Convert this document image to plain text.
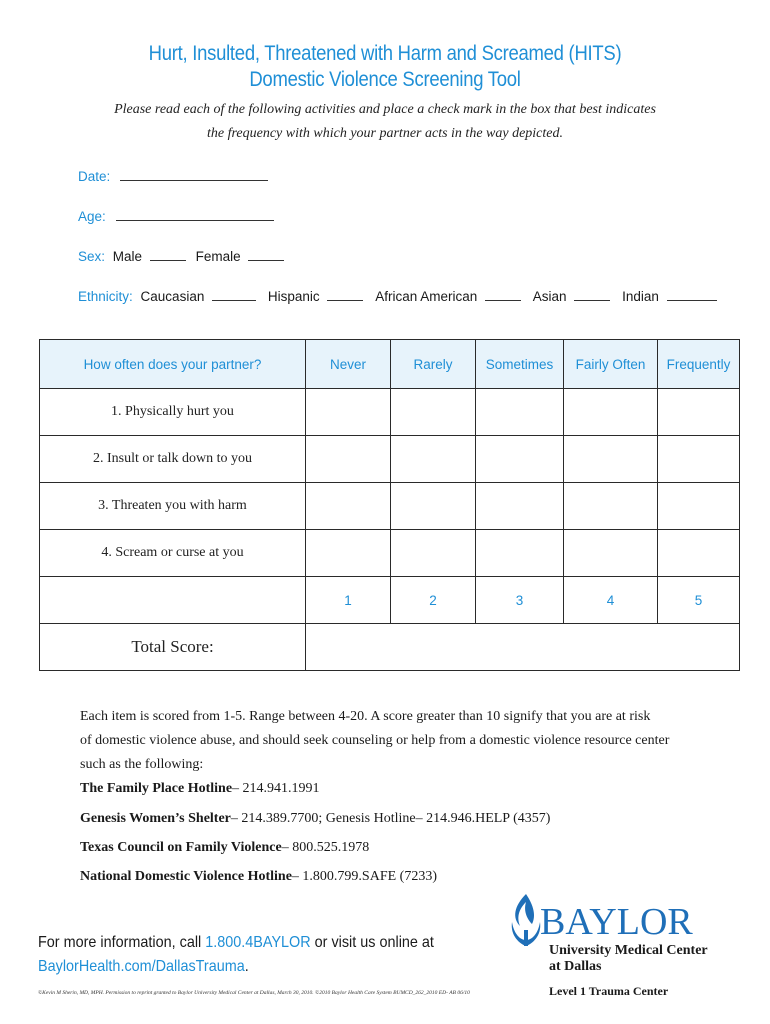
Hurt, Insulted, Threatened with Harm and Screamed (HITS)
Domestic Violence Screening Tool
Please read each of the following activities and place a check mark in the box that best indicates
the frequency with which your partner acts in the way depicted.
Date:
Age:
Sex: Male	Female
Ethnicity: Caucasian	Hispanic	African American	Asian	Indian
How often does your partner?	Never	Rarely	Sometimes	Fairly Often	Frequently
1. Physically hurt you					
2. Insult or talk down to you					
3. Threaten you with harm					
4. Scream or curse at you					
	1	2	3	4	5
Total Score:					
Each item is scored from 1-5. Range between 4-20. A score greater than 10 signify that you are at risk
of domestic violence abuse, and should seek counseling or help from a domestic violence resource center
such as the following:
The Family Place Hotline– 214.941.1991
Genesis Women’s Shelter– 214.389.7700; Genesis Hotline– 214.946.HELP (4357)
Texas Council on Family Violence– 800.525.1978
National Domestic Violence Hotline– 1.800.799.SAFE (7233)
For more information, call 1.800.4BAYLOR or visit us online at
BaylorHealth.com/DallasTrauma.
©Kevin M Sherin, MD, MPH. Permission to reprint granted to Baylor University Medical Center at Dallas, March 30, 2010. ©2010 Baylor Health Care System BUMCD_262_2010 ED- AB 06/10
BAYLOR
University Medical Center
at Dallas
Level 1 Trauma Center
